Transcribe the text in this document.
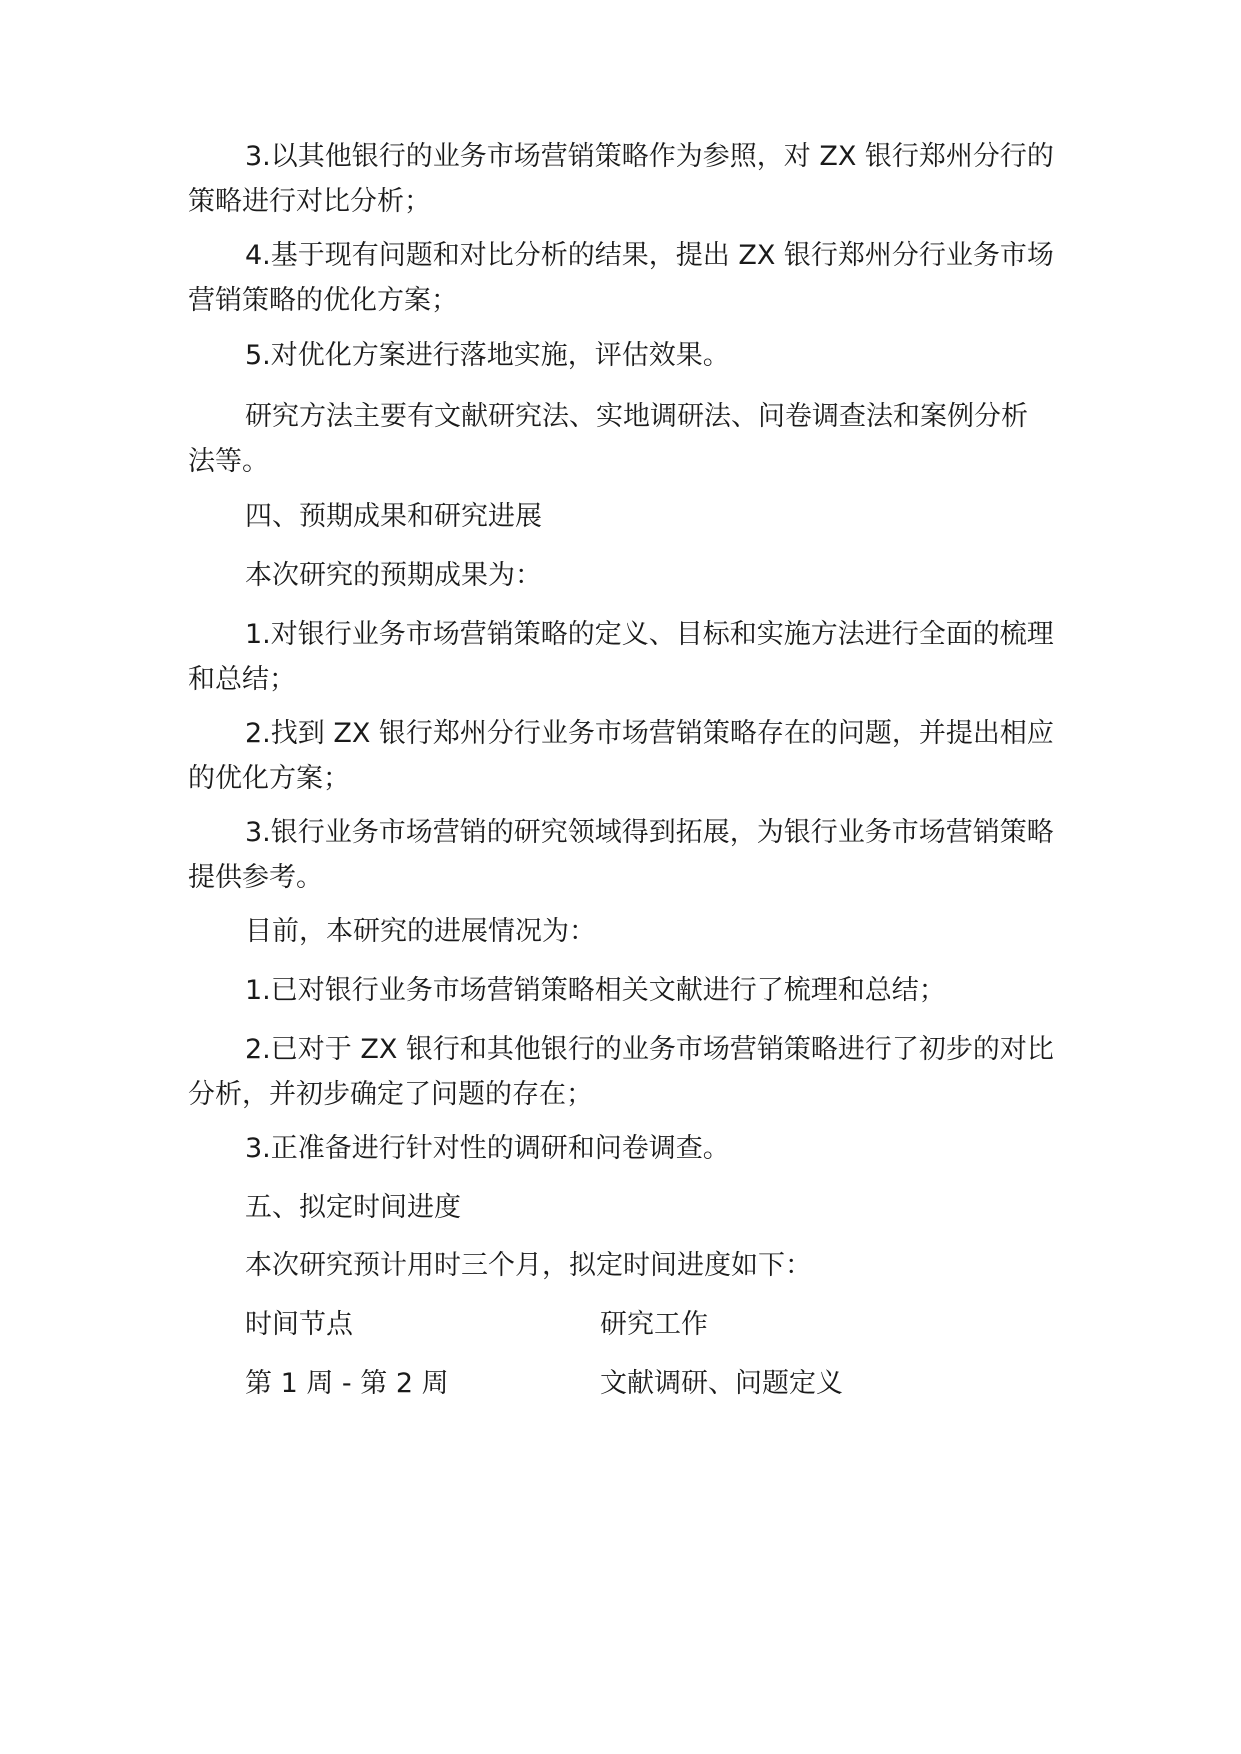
3.以其他银行的业务市场营销策略作为参照，对 ZX 银行郑州分行的策略进行对比分析；

4.基于现有问题和对比分析的结果，提出 ZX 银行郑州分行业务市场营销策略的优化方案；

5.对优化方案进行落地实施，评估效果。

研究方法主要有文献研究法、实地调研法、问卷调查法和案例分析法等。

四、预期成果和研究进展

本次研究的预期成果为：

1.对银行业务市场营销策略的定义、目标和实施方法进行全面的梳理和总结；

2.找到 ZX 银行郑州分行业务市场营销策略存在的问题，并提出相应的优化方案；

3.银行业务市场营销的研究领域得到拓展，为银行业务市场营销策略提供参考。

目前，本研究的进展情况为：

1.已对银行业务市场营销策略相关文献进行了梳理和总结；

2.已对于 ZX 银行和其他银行的业务市场营销策略进行了初步的对比分析，并初步确定了问题的存在；

3.正准备进行针对性的调研和问卷调查。

五、拟定时间进度

本次研究预计用时三个月，拟定时间进度如下：

时间节点	研究工作
第 1 周 - 第 2 周	文献调研、问题定义
